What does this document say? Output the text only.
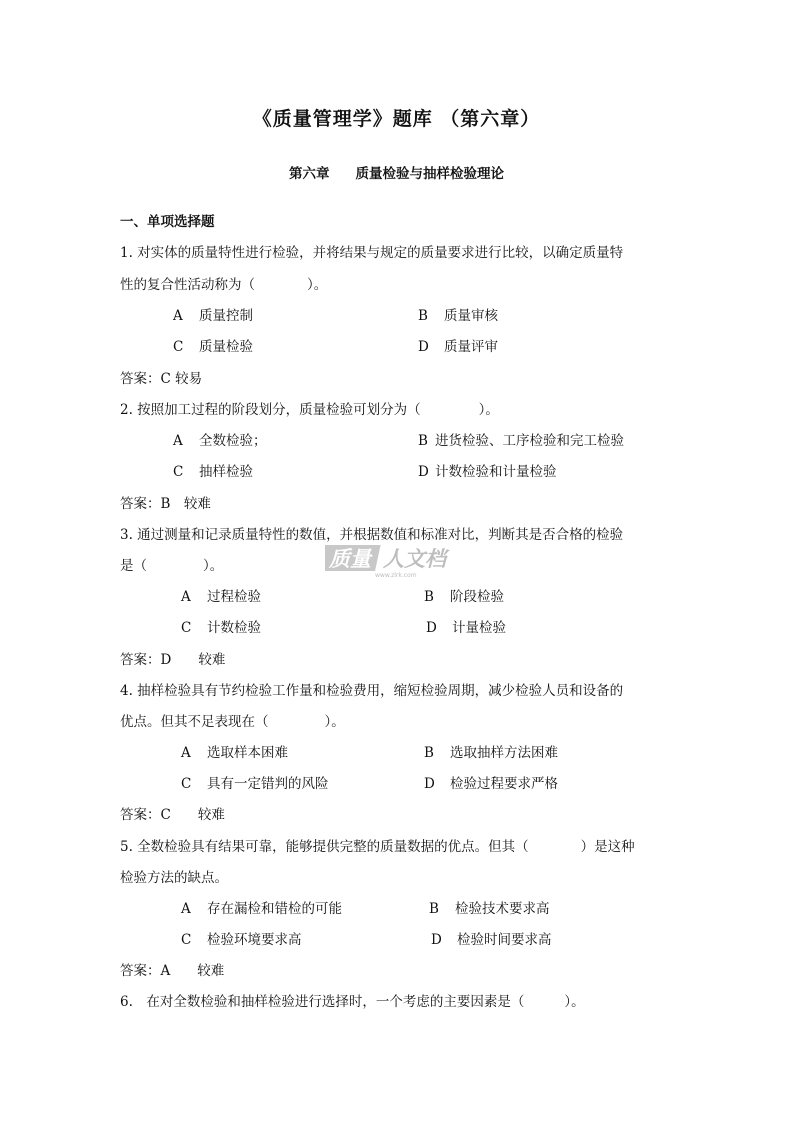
《质量管理学》题库 （第六章）
第六章 质量检验与抽样检验理论
一、单项选择题
1. 对实体的质量特性进行检验，并将结果与规定的质量要求进行比较，以确定质量特
性的复合性活动称为（	）。
A 质量控制	B 质量审核
C 质量检验	D 质量评审
答案：C 较易
2. 按照加工过程的阶段划分，质量检验可划分为（	）。
A 全数检验；	B 进货检验、工序检验和完工检验
C 抽样检验	D 计数检验和计量检验
答案：B　较难
3. 通过测量和记录质量特性的数值，并根据数值和标准对比，判断其是否合格的检验
是（	）。
A 过程检验	B 阶段检验
C 计数检验	D 计量检验
答案：D　　较难
4. 抽样检验具有节约检验工作量和检验费用，缩短检验周期，减少检验人员和设备的
优点。但其不足表现在（	）。
A 选取样本困难	B 选取抽样方法困难
C 具有一定错判的风险	D 检验过程要求严格
答案：C　　较难
5. 全数检验具有结果可靠，能够提供完整的质量数据的优点。但其（	）是这种
检验方法的缺点。
A 存在漏检和错检的可能	B 检验技术要求高
C 检验环境要求高	D 检验时间要求高
答案：A　　较难
6.　在对全数检验和抽样检验进行选择时，一个考虑的主要因素是（	）。
质量 人文档
www.zlrk.com
